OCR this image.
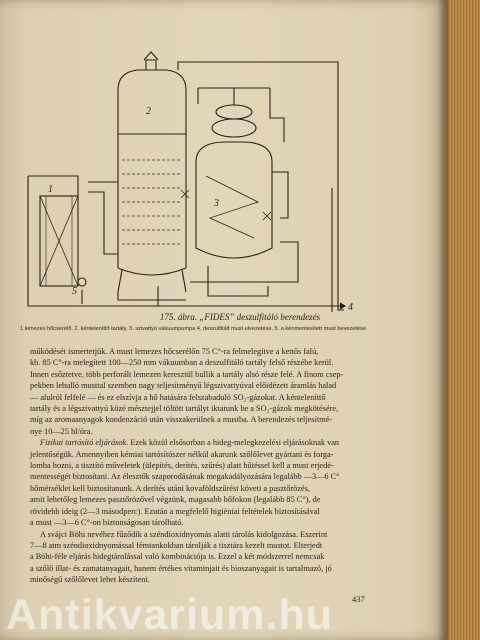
2
3
4
5
1
175. ábra. „FIDES” deszulfitáló berendezés
1 lemezes hőcserélő, 2. kénteleníttő tartály, 3. szivattyú vákuumpumpa 4. deszulfitált must elvezetése, 5. a kénmentesített must bevezetése

működését ismertetjük. A must lemezes hőcserélőn 75 C°-ra felmelegítve a kettős falú,

kb. 85 C°-ra melegített 100—250 mm vákuumban a deszulfitáló tartály felső részébe kerül.

Innen esőztetve, több perforált lemezen keresztül bullik a tartály alsó része felé. A finom csep-

pekben lehulló musttal szemben nagy teljesítményű légszivattyúval előidézett áramlás halad

— alulról felfelé — és ez elszívja a hő hatására felszabaduló SO₂-gázokat. A kénteleníttő

tartály és a légszivattyú közé mésztejjel töltött tartályt iktatunk be a SO₂-gázok megkötésére,

míg az aromaanyagok kondenzáció után visszakerülnek a mustba. A berendezés teljesítmé-

nye 10—25 hl/óra.

Fizikai tartósító eljárások. Ezek közül elsősorban a hideg-melegkezelési eljárásoknak van

jelentőségük. Amennyiben kémiai tartósítószer nélkül akarunk szőlőlevet gyártani és forga-

lomba hozni, a tisztító műveletek (ülepítés, derítés, szűrés) alatt hűtéssel kell a must erjedé-

mentességét biztosítani. Az élesztők szaporodásának megakadályozására legalább —3—6 C°

hőmérséklet kell biztosítanunk. A derítés utáni kovaföldszűrést követi a pasztőrözés,

amit lehetőleg lemezes pasztőrözővel végzünk, magasabb hőfokon (legalább 85 C°), de

rövidebb ideig (2—3 másodperc). Ezután a megfelelő higiéniai feltételek biztosításával

a must —3—6 C°-on biztonságosan tárolható.

A svájci Böhi nevéhez fűződik a széndioxidnyomás alatti tárolás kidolgozása. Eszerint

7—8 atm széndioxidnyomással fémtankokban tárolják a tisztára kezelt mustot. Elterjedt

a Böhi-féle eljárás hidegtárolással való kombinációja is. Ezzel a két módszerrel nemcsak

a szőlő illat- és zamatanyagait, hanem értékes vitaminjait és bioszanyagait is tartalmazó, jó

minőségű szőlőlevet lehet készíteni.

437
Antikvarium.hu
